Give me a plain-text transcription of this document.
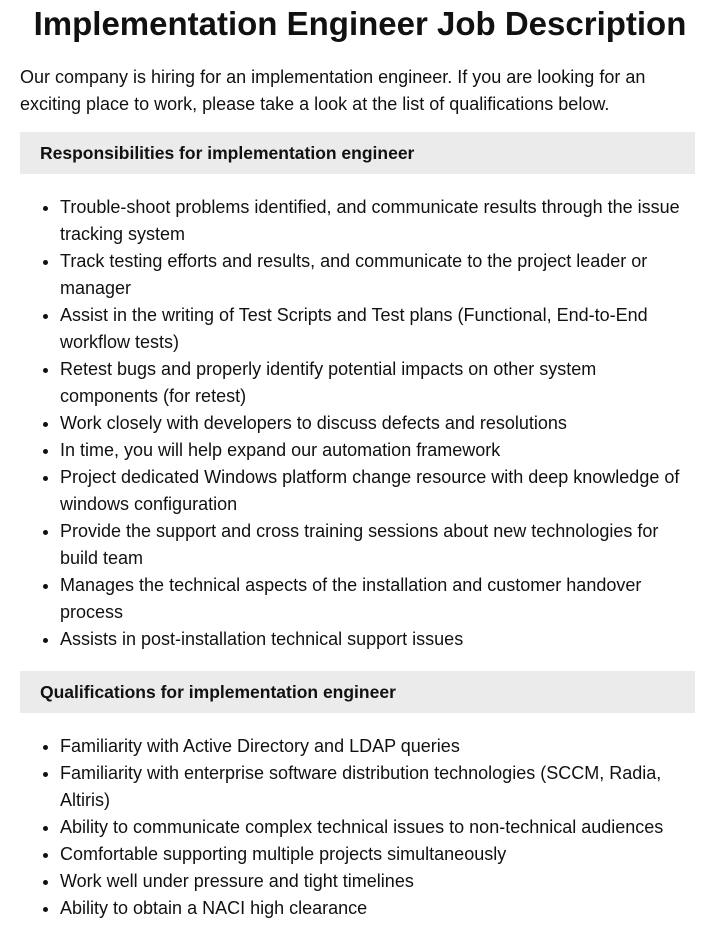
Implementation Engineer Job Description

Our company is hiring for an implementation engineer. If you are looking for an exciting place to work, please take a look at the list of qualifications below.

Responsibilities for implementation engineer
• Trouble-shoot problems identified, and communicate results through the issue tracking system
• Track testing efforts and results, and communicate to the project leader or manager
• Assist in the writing of Test Scripts and Test plans (Functional, End-to-End workflow tests)
• Retest bugs and properly identify potential impacts on other system components (for retest)
• Work closely with developers to discuss defects and resolutions
• In time, you will help expand our automation framework
• Project dedicated Windows platform change resource with deep knowledge of windows configuration
• Provide the support and cross training sessions about new technologies for build team
• Manages the technical aspects of the installation and customer handover process
• Assists in post-installation technical support issues
Qualifications for implementation engineer
• Familiarity with Active Directory and LDAP queries
• Familiarity with enterprise software distribution technologies (SCCM, Radia, Altiris)
• Ability to communicate complex technical issues to non-technical audiences
• Comfortable supporting multiple projects simultaneously
• Work well under pressure and tight timelines
• Ability to obtain a NACI high clearance
